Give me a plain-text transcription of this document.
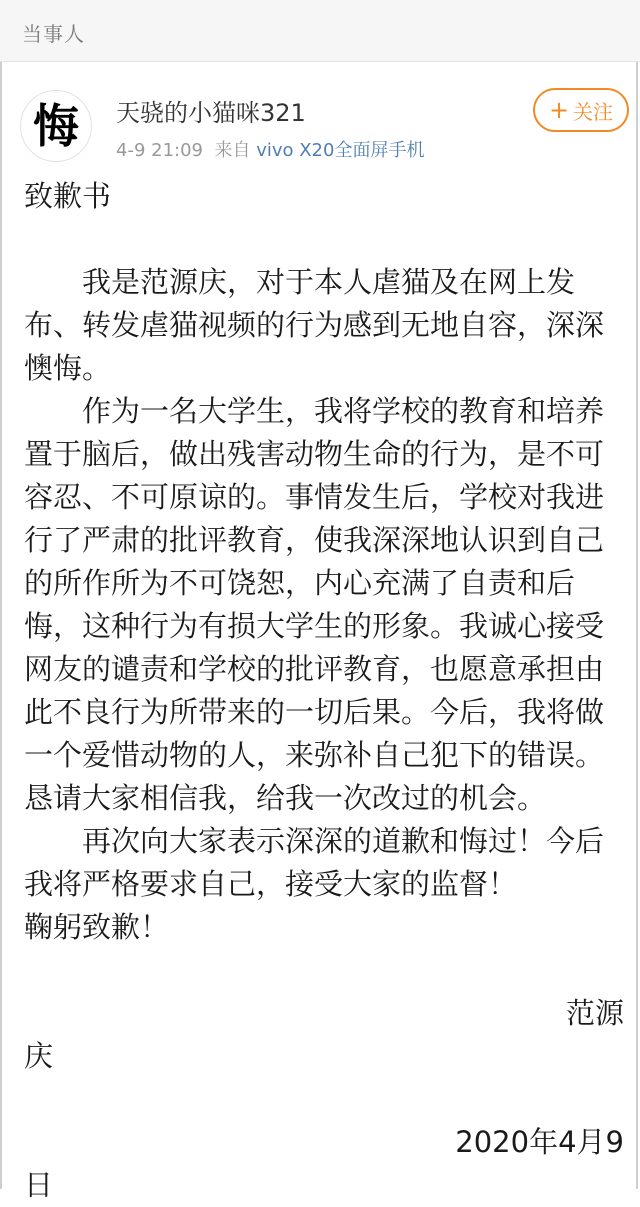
当事人
悔 天骁的小猫咪321
4-9 21:09 来自 vivo X20全面屏手机
+ 关注

致歉书

我是范源庆，对于本人虐猫及在网上发布、转发虐猫视频的行为感到无地自容，深深懊悔。

作为一名大学生，我将学校的教育和培养置于脑后，做出残害动物生命的行为，是不可容忍、不可原谅的。事情发生后，学校对我进行了严肃的批评教育，使我深深地认识到自己的所作所为不可饶恕，内心充满了自责和后悔，这种行为有损大学生的形象。我诚心接受网友的谴责和学校的批评教育，也愿意承担由此不良行为所带来的一切后果。今后，我将做一个爱惜动物的人，来弥补自己犯下的错误。恳请大家相信我，给我一次改过的机会。

再次向大家表示深深的道歉和悔过！今后我将严格要求自己，接受大家的监督！

鞠躬致歉！

范源

庆

2020年4月9

日
